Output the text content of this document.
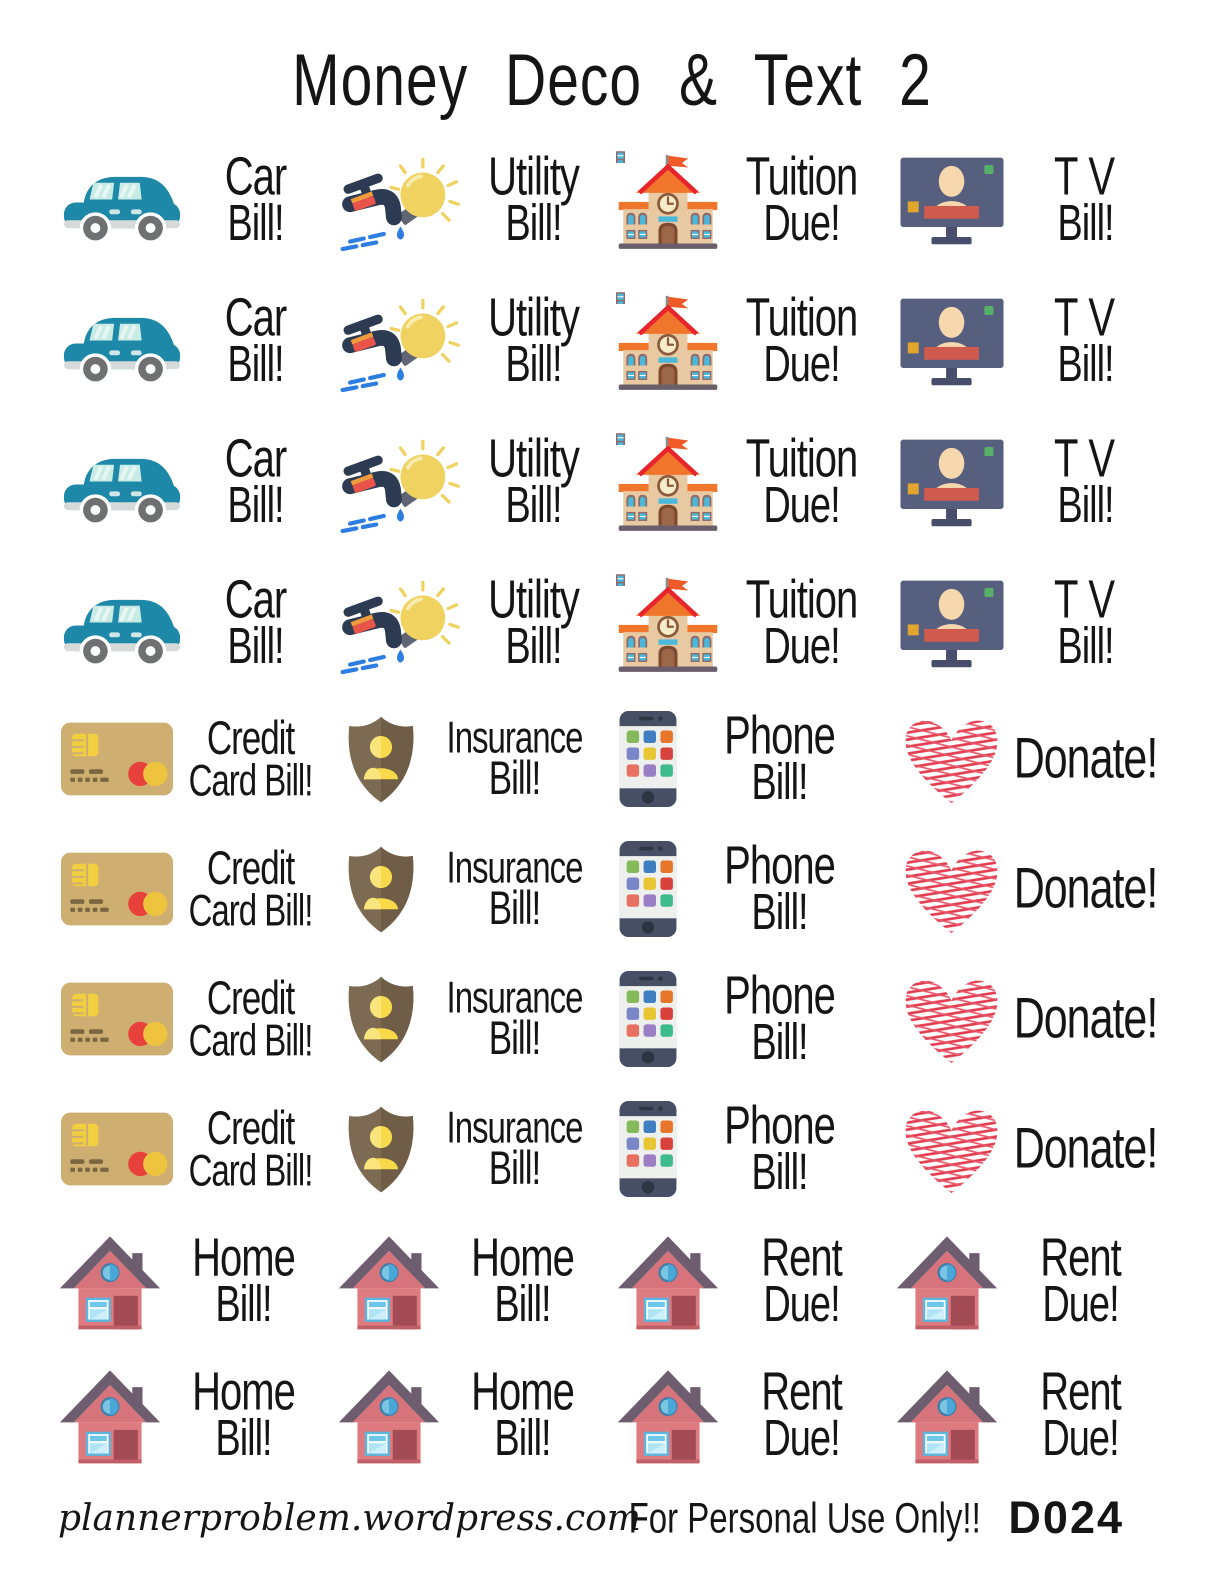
Money Deco & Text 2
Car
Bill!
Utility
Bill!
Tuition
Due!
TV
Bill!
Car
Bill!
Utility
Bill!
Tuition
Due!
TV
Bill!
Car
Bill!
Utility
Bill!
Tuition
Due!
TV
Bill!
Car
Bill!
Utility
Bill!
Tuition
Due!
TV
Bill!
Credit
Card Bill!
Insurance
Bill!
Phone
Bill!	Donate!
Credit
Card Bill!
Insurance
Bill!
Phone
Bill!	Donate!
Credit
Card Bill!
Insurance
Bill!
Phone
Bill!	Donate!
Credit
Card Bill!
Insurance
Bill!
Phone
Bill!	Donate!
Home
Bill!
Home
Bill!
Rent
Due!
Rent
Due!
Home
Bill!
Home
Bill!
Rent
Due!
Rent
Due!
plannerproblem.wordpress.com
For Personal Use Only!! D024
